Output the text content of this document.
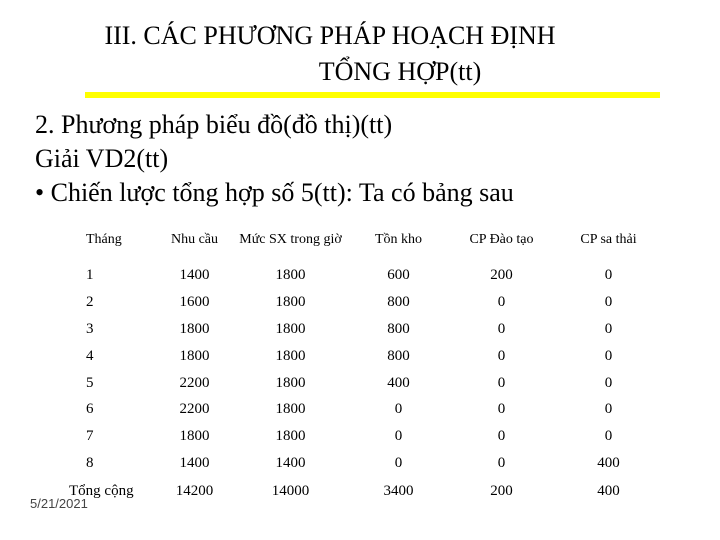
III. CÁC PHƯƠNG PHÁP HOẠCH ĐỊNH
TỔNG HỢP(tt)
2. Phương pháp biểu đồ(đồ thị)(tt)
Giải VD2(tt)
• Chiến lược tổng hợp số 5(tt): Ta có bảng sau
Tháng	Nhu cầu	Mức SX trong giờ	Tồn kho	CP Đào tạo	CP sa thải
1	1400	1800	600	200	0
2	1600	1800	800	0	0
3	1800	1800	800	0	0
4	1800	1800	800	0	0
5	2200	1800	400	0	0
6	2200	1800	0	0	0
7	1800	1800	0	0	0
8	1400	1400	0	0	400
Tổng cộng	14200	14000	3400	200	400
5/21/2021
